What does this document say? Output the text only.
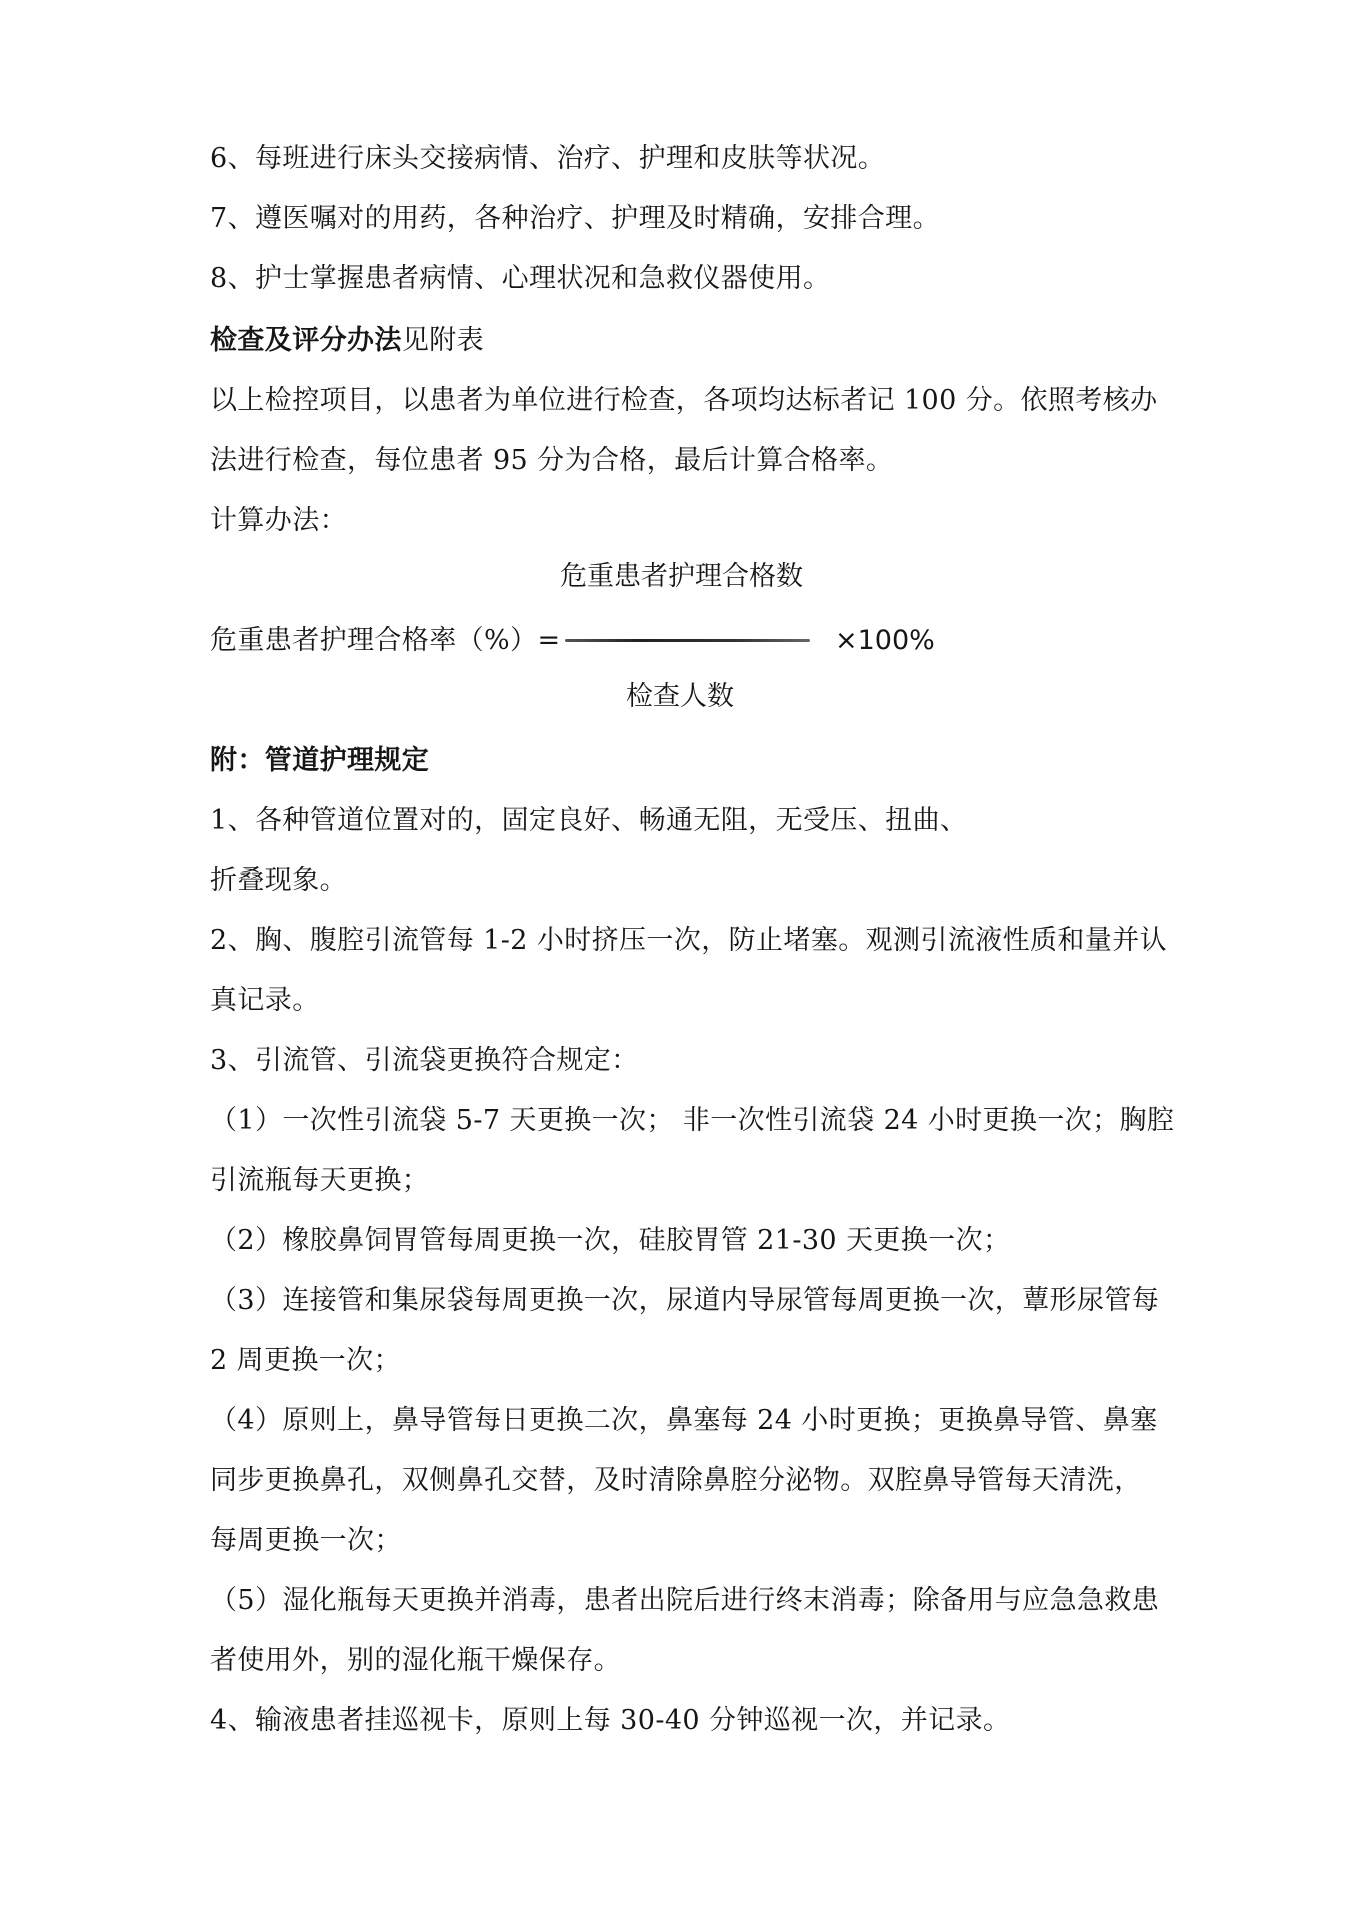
6、每班进行床头交接病情、治疗、护理和皮肤等状况。
7、遵医嘱对的用药，各种治疗、护理及时精确，安排合理。
8、护士掌握患者病情、心理状况和急救仪器使用。
检查及评分办法见附表
以上检控项目，以患者为单位进行检查，各项均达标者记 100 分。依照考核办
法进行检查，每位患者 95 分为合格，最后计算合格率。
计算办法：
危重患者护理合格数
危重患者护理合格率（%）=	×100%
检查人数
附：管道护理规定
1、各种管道位置对的，固定良好、畅通无阻，无受压、扭曲、
折叠现象。
2、胸、腹腔引流管每 1-2 小时挤压一次，防止堵塞。观测引流液性质和量并认
真记录。
3、引流管、引流袋更换符合规定：
（1）一次性引流袋 5-7 天更换一次； 非一次性引流袋 24 小时更换一次；胸腔
引流瓶每天更换；
（2）橡胶鼻饲胃管每周更换一次，硅胶胃管 21-30 天更换一次；
（3）连接管和集尿袋每周更换一次，尿道内导尿管每周更换一次，蕈形尿管每
2 周更换一次；
（4）原则上，鼻导管每日更换二次，鼻塞每 24 小时更换；更换鼻导管、鼻塞
同步更换鼻孔，双侧鼻孔交替，及时清除鼻腔分泌物。双腔鼻导管每天清洗，
每周更换一次；
（5）湿化瓶每天更换并消毒，患者出院后进行终末消毒；除备用与应急急救患
者使用外，别的湿化瓶干燥保存。
4、输液患者挂巡视卡，原则上每 30-40 分钟巡视一次，并记录。
